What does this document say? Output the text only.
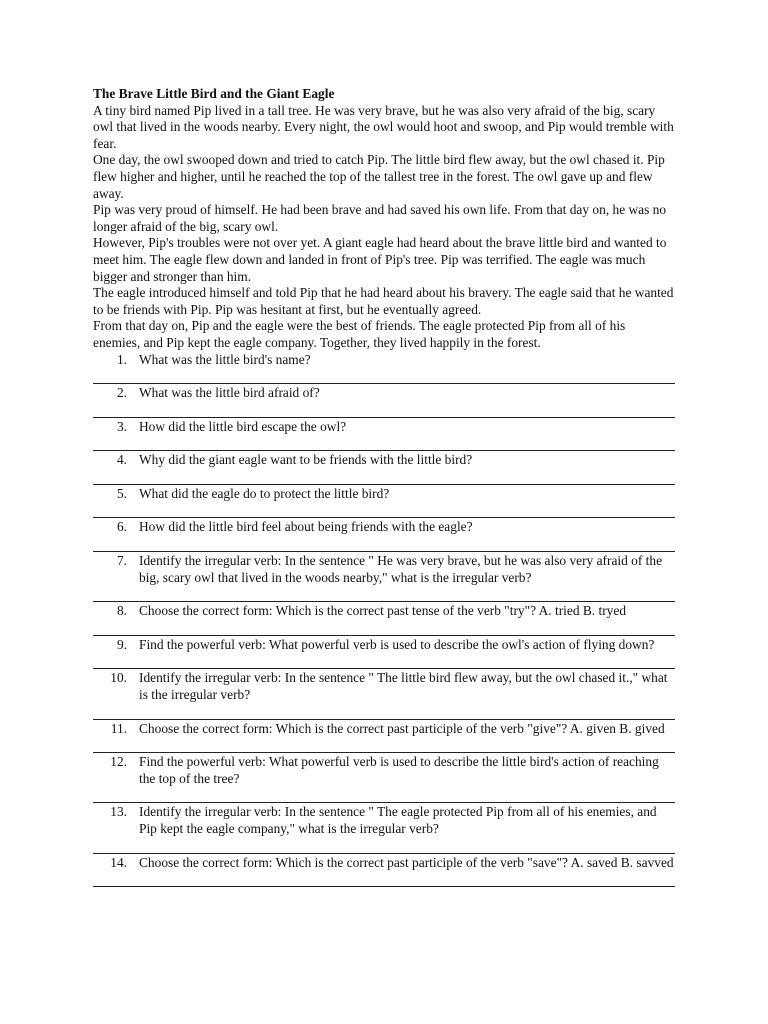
The Brave Little Bird and the Giant Eagle

A tiny bird named Pip lived in a tall tree. He was very brave, but he was also very afraid of the big, scary owl that lived in the woods nearby. Every night, the owl would hoot and swoop, and Pip would tremble with fear.

One day, the owl swooped down and tried to catch Pip. The little bird flew away, but the owl chased it. Pip flew higher and higher, until he reached the top of the tallest tree in the forest. The owl gave up and flew away.

Pip was very proud of himself. He had been brave and had saved his own life. From that day on, he was no longer afraid of the big, scary owl.

However, Pip's troubles were not over yet. A giant eagle had heard about the brave little bird and wanted to meet him. The eagle flew down and landed in front of Pip's tree. Pip was terrified. The eagle was much bigger and stronger than him.

The eagle introduced himself and told Pip that he had heard about his bravery. The eagle said that he wanted to be friends with Pip. Pip was hesitant at first, but he eventually agreed.

From that day on, Pip and the eagle were the best of friends. The eagle protected Pip from all of his enemies, and Pip kept the eagle company. Together, they lived happily in the forest.

1. What was the little bird's name?
2. What was the little bird afraid of?
3. How did the little bird escape the owl?
4. Why did the giant eagle want to be friends with the little bird?
5. What did the eagle do to protect the little bird?
6. How did the little bird feel about being friends with the eagle?
7. Identify the irregular verb: In the sentence " He was very brave, but he was also very afraid of the big, scary owl that lived in the woods nearby," what is the irregular verb?
8. Choose the correct form: Which is the correct past tense of the verb "try"? A. tried B. tryed
9. Find the powerful verb: What powerful verb is used to describe the owl's action of flying down?
10. Identify the irregular verb: In the sentence " The little bird flew away, but the owl chased it.," what is the irregular verb?
11. Choose the correct form: Which is the correct past participle of the verb "give"? A. given B. gived
12. Find the powerful verb: What powerful verb is used to describe the little bird's action of reaching the top of the tree?
13. Identify the irregular verb: In the sentence " The eagle protected Pip from all of his enemies, and Pip kept the eagle company," what is the irregular verb?
14. Choose the correct form: Which is the correct past participle of the verb "save"? A. saved B. savved
